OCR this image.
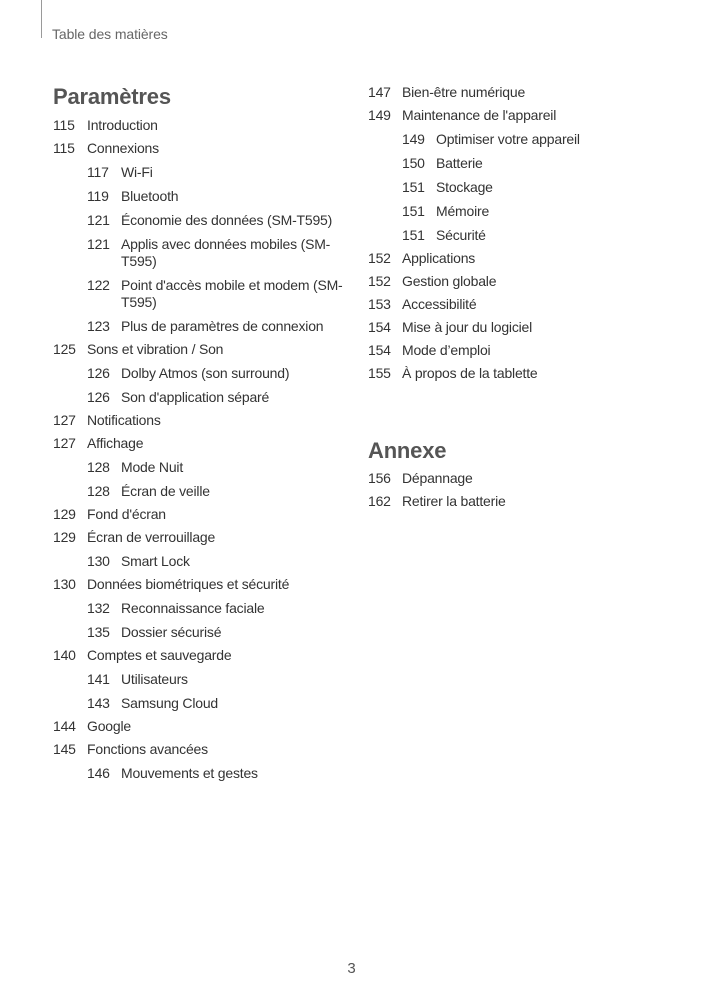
Table des matières
Paramètres
115 Introduction
115 Connexions
117 Wi-Fi
119 Bluetooth
121 Économie des données (SM-T595)
121 Applis avec données mobiles (SM-T595)
122 Point d'accès mobile et modem (SM-T595)
123 Plus de paramètres de connexion
125 Sons et vibration / Son
126 Dolby Atmos (son surround)
126 Son d'application séparé
127 Notifications
127 Affichage
128 Mode Nuit
128 Écran de veille
129 Fond d'écran
129 Écran de verrouillage
130 Smart Lock
130 Données biométriques et sécurité
132 Reconnaissance faciale
135 Dossier sécurisé
140 Comptes et sauvegarde
141 Utilisateurs
143 Samsung Cloud
144 Google
145 Fonctions avancées
146 Mouvements et gestes
147 Bien-être numérique
149 Maintenance de l'appareil
149 Optimiser votre appareil
150 Batterie
151 Stockage
151 Mémoire
151 Sécurité
152 Applications
152 Gestion globale
153 Accessibilité
154 Mise à jour du logiciel
154 Mode d’emploi
155 À propos de la tablette
Annexe
156 Dépannage
162 Retirer la batterie
3
